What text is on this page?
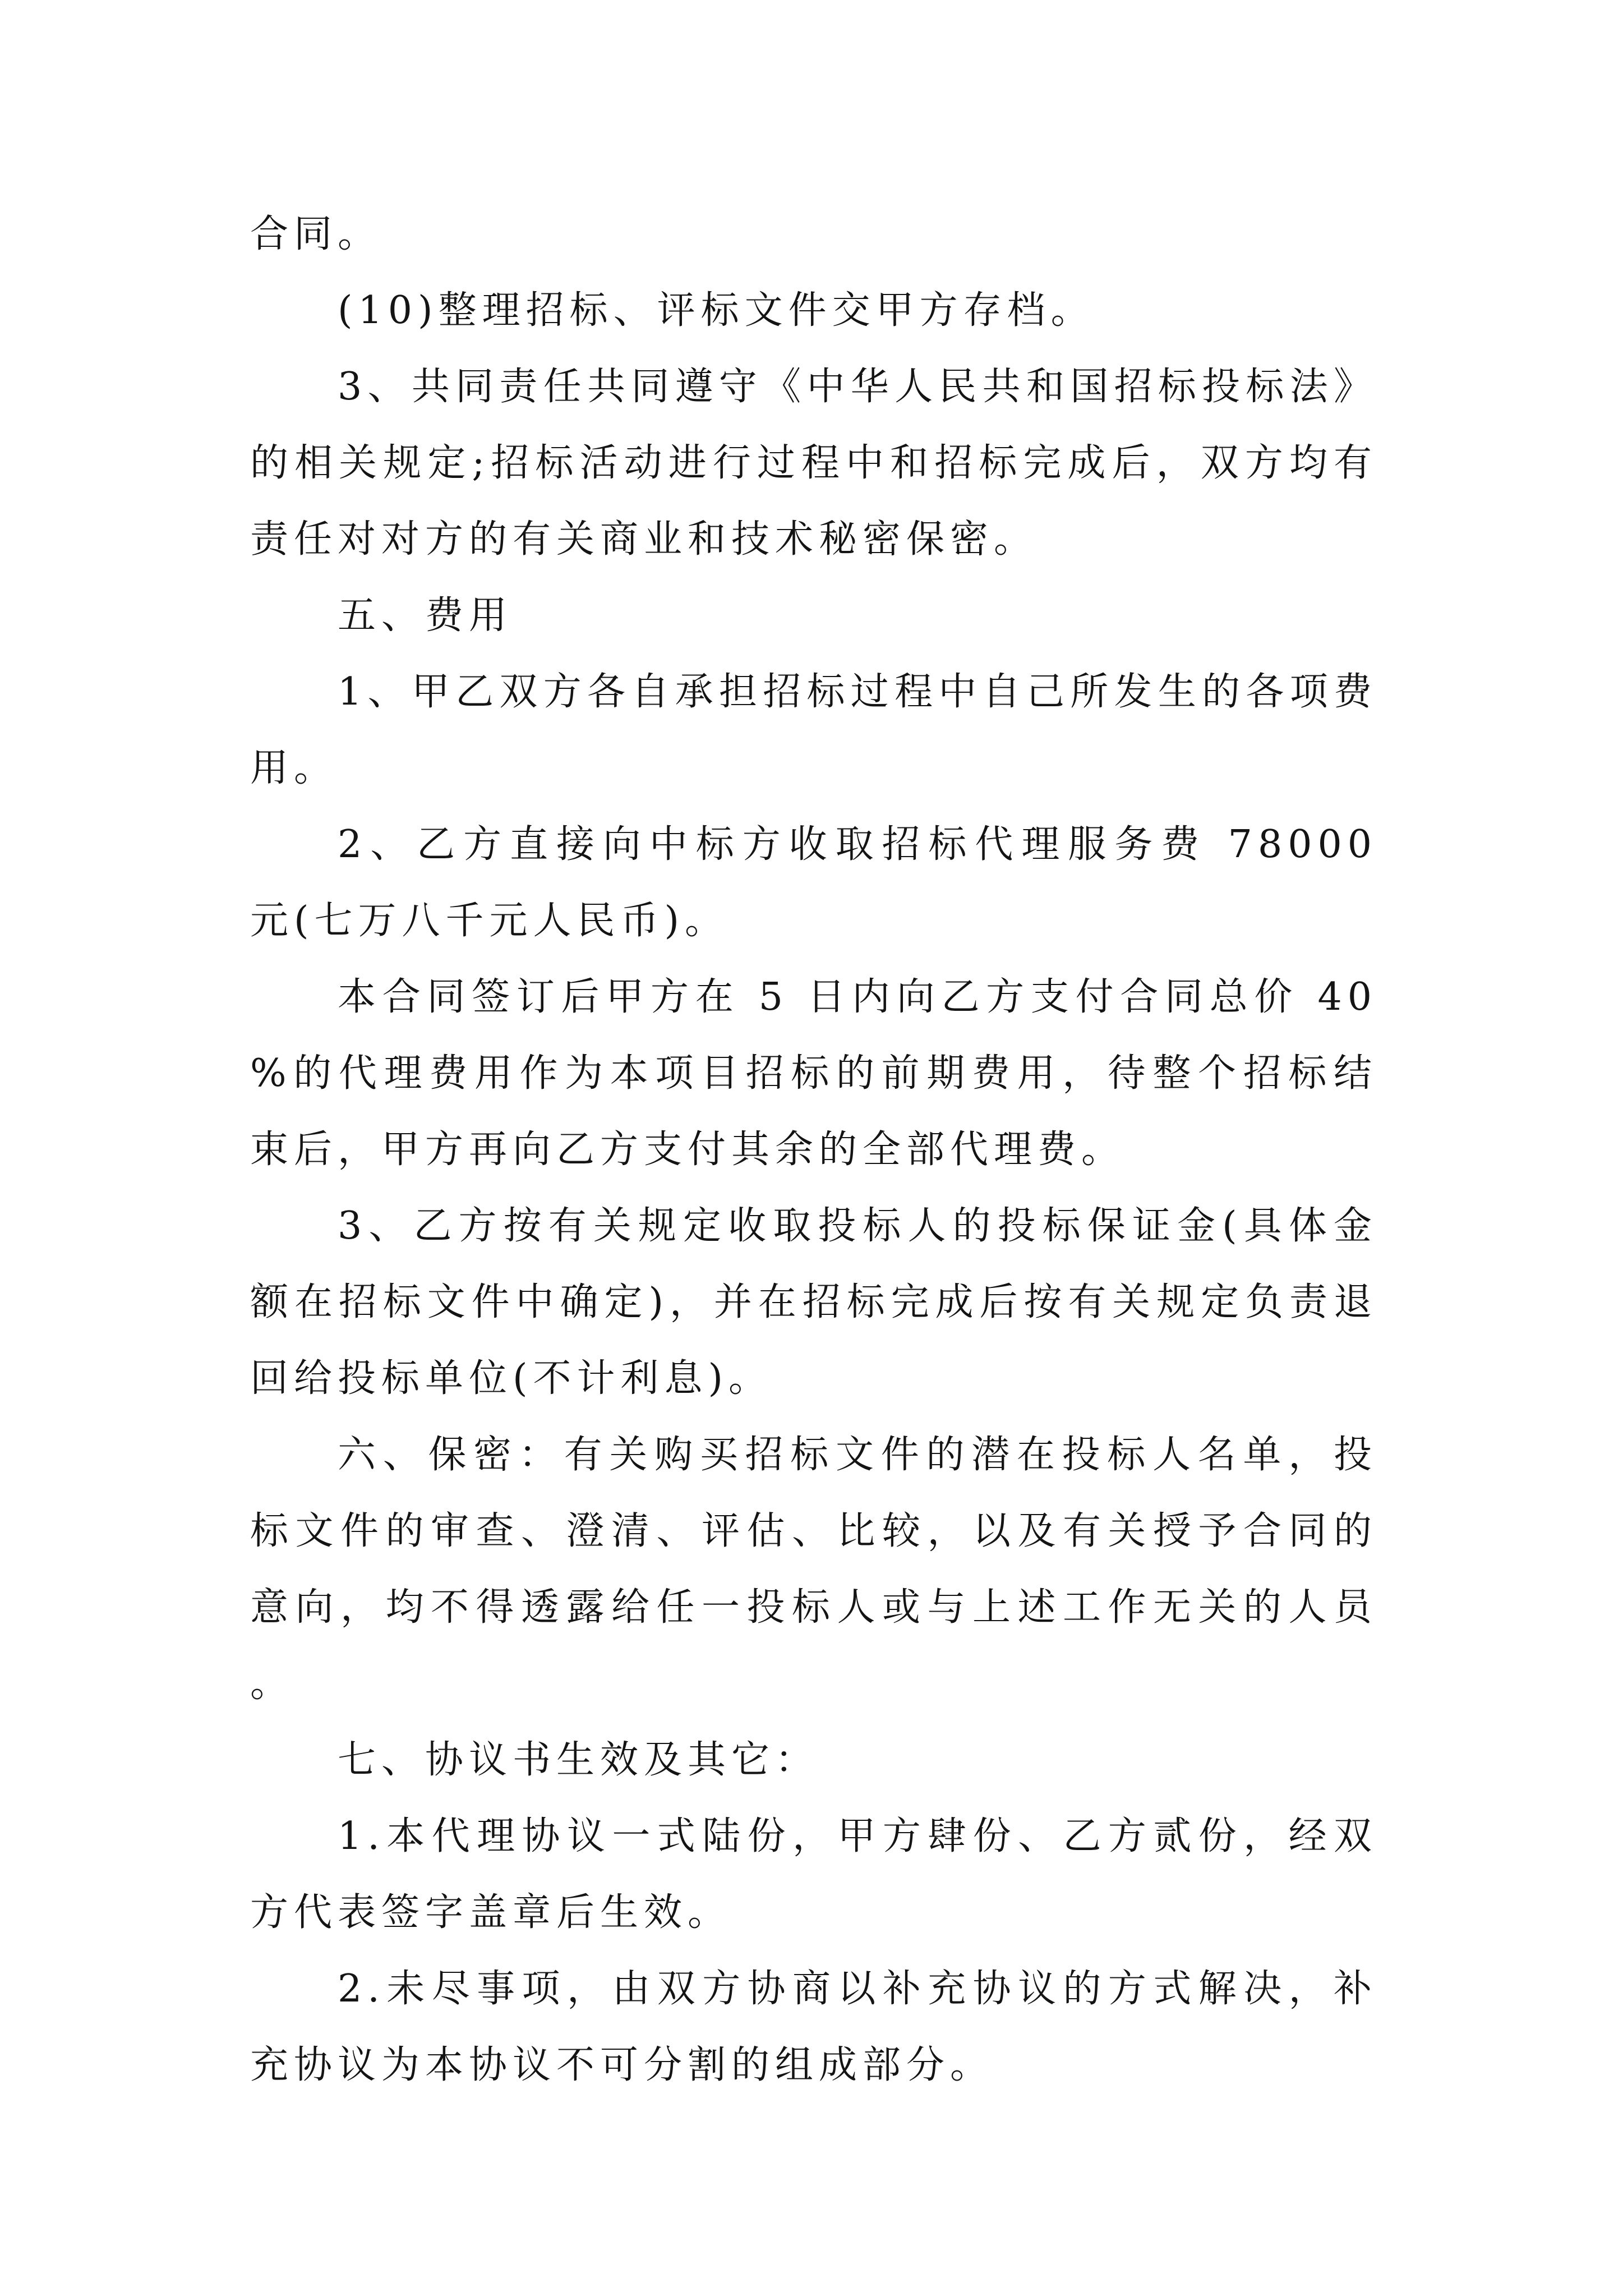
合同。

(10)整理招标、评标文件交甲方存档。

3、共同责任共同遵守《中华人民共和国招标投标法》的相关规定;招标活动进行过程中和招标完成后，双方均有责任对对方的有关商业和技术秘密保密。

五、费用

1、甲乙双方各自承担招标过程中自己所发生的各项费用。

2、乙方直接向中标方收取招标代理服务费 78000 元(七万八千元人民币)。

本合同签订后甲方在 5 日内向乙方支付合同总价 40%的代理费用作为本项目招标的前期费用，待整个招标结束后，甲方再向乙方支付其余的全部代理费。

3、乙方按有关规定收取投标人的投标保证金(具体金额在招标文件中确定)，并在招标完成后按有关规定负责退回给投标单位(不计利息)。

六、保密：有关购买招标文件的潜在投标人名单，投标文件的审查、澄清、评估、比较，以及有关授予合同的意向，均不得透露给任一投标人或与上述工作无关的人员。

七、协议书生效及其它：

1.本代理协议一式陆份，甲方肆份、乙方贰份，经双方代表签字盖章后生效。

2.未尽事项，由双方协商以补充协议的方式解决，补充协议为本协议不可分割的组成部分。
